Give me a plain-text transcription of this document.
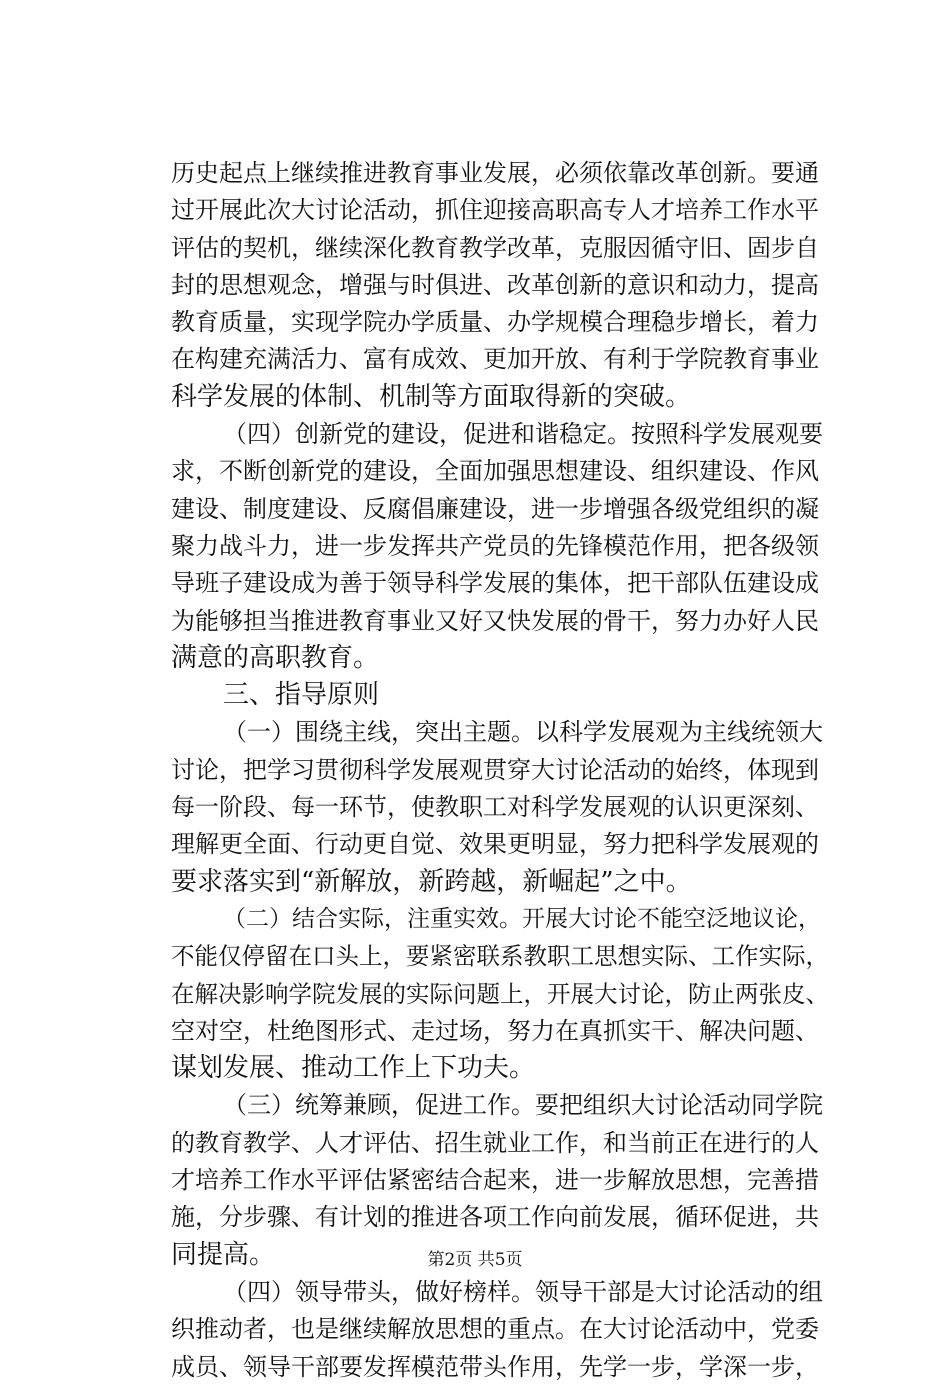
历史起点上继续推进教育事业发展，必须依靠改革创新。要通
过开展此次大讨论活动，抓住迎接高职高专人才培养工作水平
评估的契机，继续深化教育教学改革，克服因循守旧、固步自
封的思想观念，增强与时俱进、改革创新的意识和动力，提高
教育质量，实现学院办学质量、办学规模合理稳步增长，着力
在构建充满活力、富有成效、更加开放、有利于学院教育事业
科学发展的体制、机制等方面取得新的突破。
（四）创新党的建设，促进和谐稳定。按照科学发展观要
求，不断创新党的建设，全面加强思想建设、组织建设、作风
建设、制度建设、反腐倡廉建设，进一步增强各级党组织的凝
聚力战斗力，进一步发挥共产党员的先锋模范作用，把各级领
导班子建设成为善于领导科学发展的集体，把干部队伍建设成
为能够担当推进教育事业又好又快发展的骨干，努力办好人民
满意的高职教育。
三、指导原则
（一）围绕主线，突出主题。以科学发展观为主线统领大
讨论，把学习贯彻科学发展观贯穿大讨论活动的始终，体现到
每一阶段、每一环节，使教职工对科学发展观的认识更深刻、
理解更全面、行动更自觉、效果更明显，努力把科学发展观的
要求落实到“新解放，新跨越，新崛起”之中。
（二）结合实际，注重实效。开展大讨论不能空泛地议论，
不能仅停留在口头上，要紧密联系教职工思想实际、工作实际，
在解决影响学院发展的实际问题上，开展大讨论，防止两张皮、
空对空，杜绝图形式、走过场，努力在真抓实干、解决问题、
谋划发展、推动工作上下功夫。
（三）统筹兼顾，促进工作。要把组织大讨论活动同学院
的教育教学、人才评估、招生就业工作，和当前正在进行的人
才培养工作水平评估紧密结合起来，进一步解放思想，完善措
施，分步骤、有计划的推进各项工作向前发展，循环促进，共
同提高。
（四）领导带头，做好榜样。领导干部是大讨论活动的组
织推动者，也是继续解放思想的重点。在大讨论活动中，党委
成员、领导干部要发挥模范带头作用，先学一步，学深一步，
第2页 共5页
